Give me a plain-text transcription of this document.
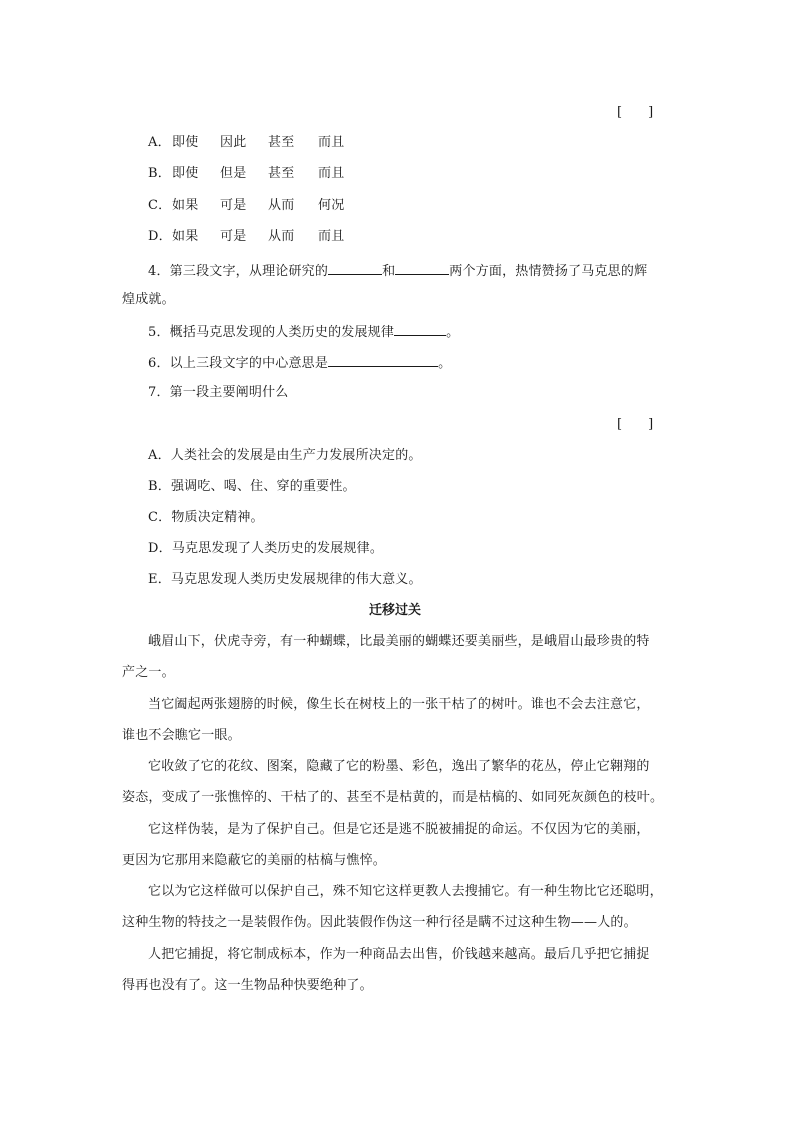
[　　]
A．即使 因此 甚至 而且
B．即使 但是 甚至 而且
C．如果 可是 从而 何况
D．如果 可是 从而 而且
4．第三段文字，从理论研究的	和	两个方面，热情赞扬了马克思的辉
煌成就。
5．概括马克思发现的人类历史的发展规律	。
6．以上三段文字的中心意思是	。
7．第一段主要阐明什么
[　　]
A．人类社会的发展是由生产力发展所决定的。
B．强调吃、喝、住、穿的重要性。
C．物质决定精神。
D．马克思发现了人类历史的发展规律。
E．马克思发现人类历史发展规律的伟大意义。
迁移过关
峨眉山下，伏虎寺旁，有一种蝴蝶，比最美丽的蝴蝶还要美丽些，是峨眉山最珍贵的特
产之一。
当它阖起两张翅膀的时候，像生长在树枝上的一张干枯了的树叶。谁也不会去注意它，
谁也不会瞧它一眼。
它收敛了它的花纹、图案，隐藏了它的粉墨、彩色，逸出了繁华的花丛，停止它翱翔的
姿态，变成了一张憔悴的、干枯了的、甚至不是枯黄的，而是枯槁的、如同死灰颜色的枝叶。
它这样伪装，是为了保护自己。但是它还是逃不脱被捕捉的命运。不仅因为它的美丽，
更因为它那用来隐蔽它的美丽的枯槁与憔悴。
它以为它这样做可以保护自己，殊不知它这样更教人去搜捕它。有一种生物比它还聪明，
这种生物的特技之一是装假作伪。因此装假作伪这一种行径是瞒不过这种生物——人的。
人把它捕捉，将它制成标本，作为一种商品去出售，价钱越来越高。最后几乎把它捕捉
得再也没有了。这一生物品种快要绝种了。
